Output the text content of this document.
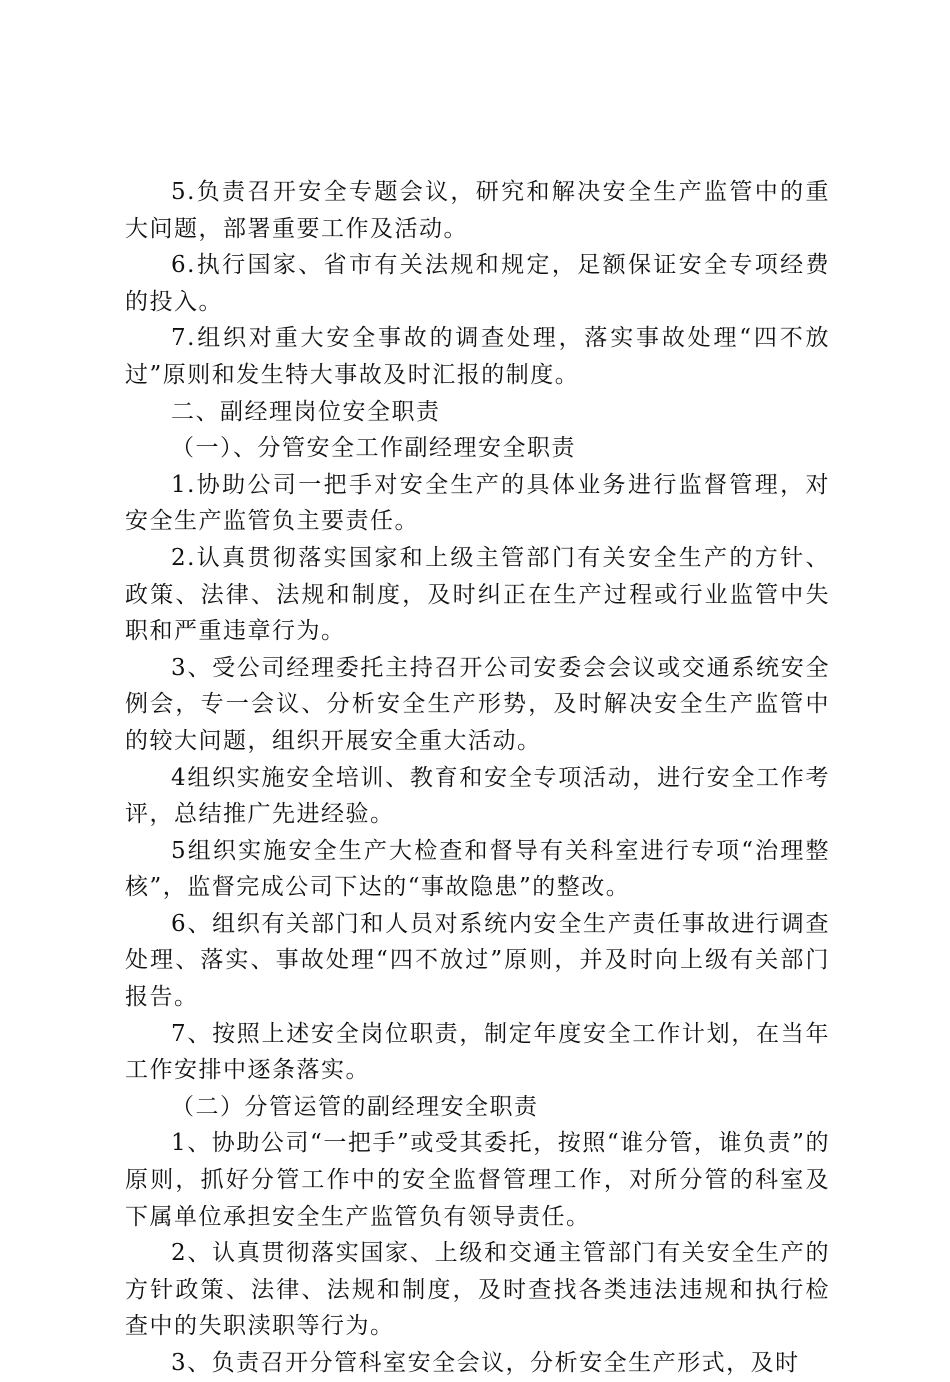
5.负责召开安全专题会议，研究和解决安全生产监管中的重大问题，部署重要工作及活动。

6.执行国家、省市有关法规和规定，足额保证安全专项经费的投入。

7.组织对重大安全事故的调查处理，落实事故处理“四不放过”原则和发生特大事故及时汇报的制度。

二、副经理岗位安全职责

（一）、分管安全工作副经理安全职责

1.协助公司一把手对安全生产的具体业务进行监督管理，对安全生产监管负主要责任。

2.认真贯彻落实国家和上级主管部门有关安全生产的方针、政策、法律、法规和制度，及时纠正在生产过程或行业监管中失职和严重违章行为。

3、受公司经理委托主持召开公司安委会会议或交通系统安全例会，专一会议、分析安全生产形势，及时解决安全生产监管中的较大问题，组织开展安全重大活动。

4组织实施安全培训、教育和安全专项活动，进行安全工作考评，总结推广先进经验。

5组织实施安全生产大检查和督导有关科室进行专项“治理整核”，监督完成公司下达的“事故隐患”的整改。

6、组织有关部门和人员对系统内安全生产责任事故进行调查处理、落实、事故处理“四不放过”原则，并及时向上级有关部门报告。

7、按照上述安全岗位职责，制定年度安全工作计划，在当年工作安排中逐条落实。

（二）分管运管的副经理安全职责

1、协助公司“一把手”或受其委托，按照“谁分管，谁负责”的原则，抓好分管工作中的安全监督管理工作，对所分管的科室及下属单位承担安全生产监管负有领导责任。

2、认真贯彻落实国家、上级和交通主管部门有关安全生产的方针政策、法律、法规和制度，及时查找各类违法违规和执行检查中的失职渎职等行为。

3、负责召开分管科室安全会议，分析安全生产形式，及时
